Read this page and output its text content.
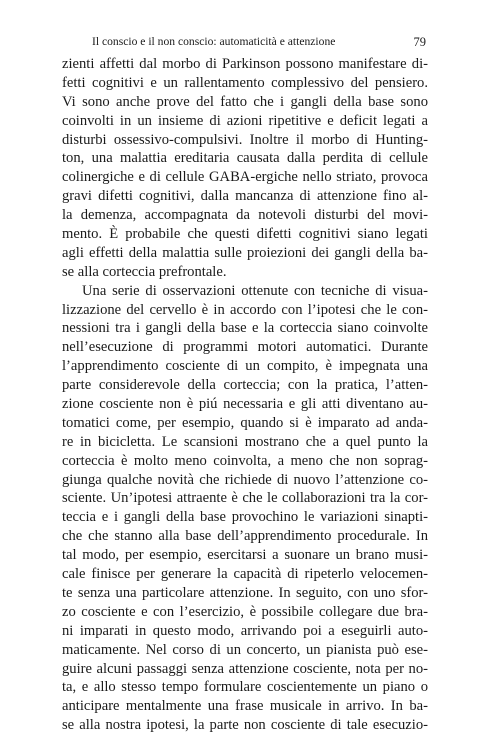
Il conscio e il non conscio: automaticità e attenzione	79
zienti affetti dal morbo di Parkinson possono manifestare di-
fetti cognitivi e un rallentamento complessivo del pensiero.
Vi sono anche prove del fatto che i gangli della base sono
coinvolti in un insieme di azioni ripetitive e deficit legati a
disturbi ossessivo-compulsivi. Inoltre il morbo di Hunting-
ton, una malattia ereditaria causata dalla perdita di cellule
colinergiche e di cellule GABA-ergiche nello striato, provoca
gravi difetti cognitivi, dalla mancanza di attenzione fino al-
la demenza, accompagnata da notevoli disturbi del movi-
mento. È probabile che questi difetti cognitivi siano legati
agli effetti della malattia sulle proiezioni dei gangli della ba-
se alla corteccia prefrontale.
Una serie di osservazioni ottenute con tecniche di visua-
lizzazione del cervello è in accordo con l’ipotesi che le con-
nessioni tra i gangli della base e la corteccia siano coinvolte
nell’esecuzione di programmi motori automatici. Durante
l’apprendimento cosciente di un compito, è impegnata una
parte considerevole della corteccia; con la pratica, l’atten-
zione cosciente non è piú necessaria e gli atti diventano au-
tomatici come, per esempio, quando si è imparato ad anda-
re in bicicletta. Le scansioni mostrano che a quel punto la
corteccia è molto meno coinvolta, a meno che non soprag-
giunga qualche novità che richiede di nuovo l’attenzione co-
sciente. Un’ipotesi attraente è che le collaborazioni tra la cor-
teccia e i gangli della base provochino le variazioni sinapti-
che che stanno alla base dell’apprendimento procedurale. In
tal modo, per esempio, esercitarsi a suonare un brano musi-
cale finisce per generare la capacità di ripeterlo velocemen-
te senza una particolare attenzione. In seguito, con uno sfor-
zo cosciente e con l’esercizio, è possibile collegare due bra-
ni imparati in questo modo, arrivando poi a eseguirli auto-
maticamente. Nel corso di un concerto, un pianista può ese-
guire alcuni passaggi senza attenzione cosciente, nota per no-
ta, e allo stesso tempo formulare coscientemente un piano o
anticipare mentalmente una frase musicale in arrivo. In ba-
se alla nostra ipotesi, la parte non cosciente di tale esecuzio-
